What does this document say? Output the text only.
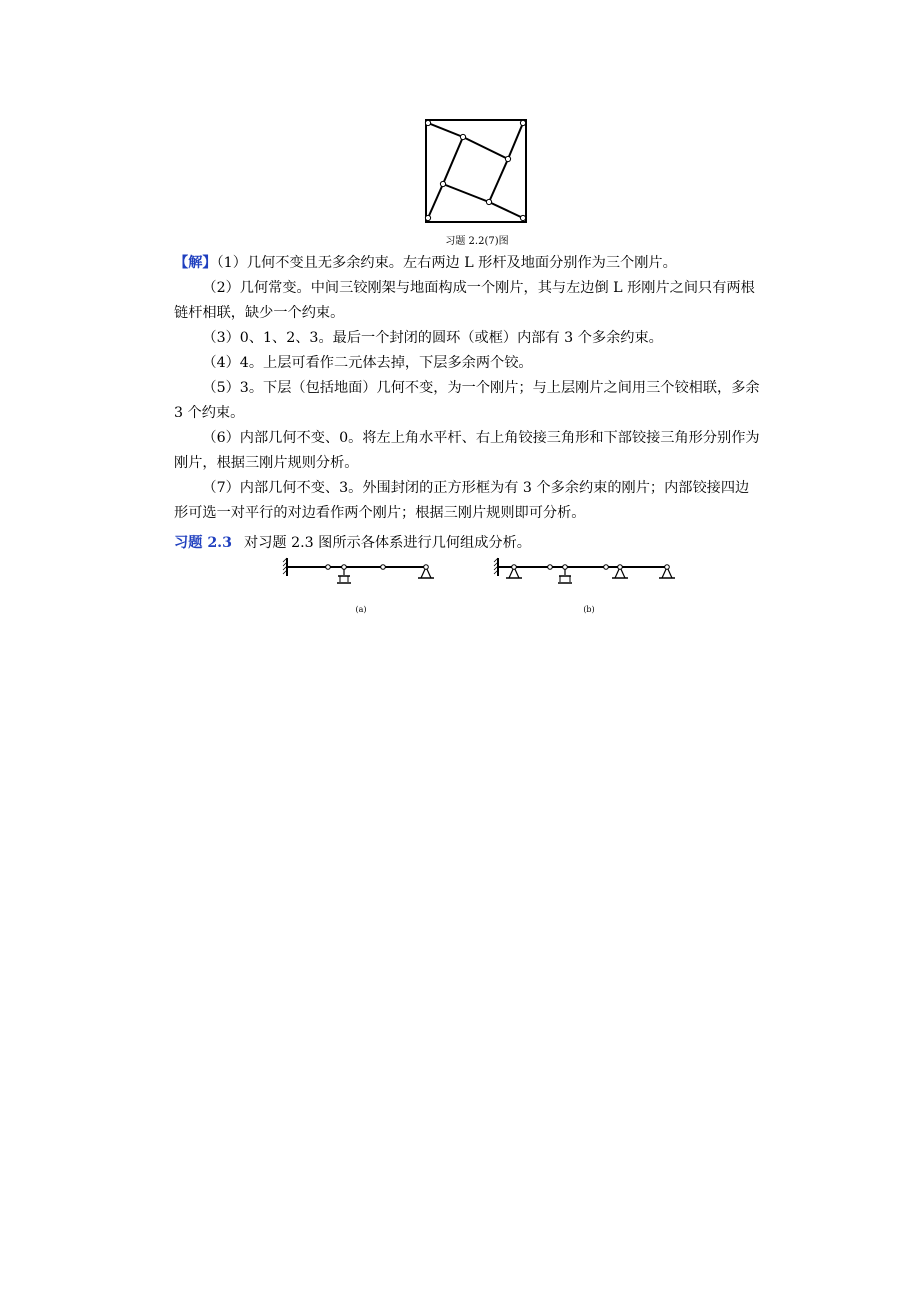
习题 2.2(7)图

【解】（1）几何不变且无多余约束。左右两边 L 形杆及地面分别作为三个刚片。

（2）几何常变。中间三铰刚架与地面构成一个刚片，其与左边倒 L 形刚片之间只有两根链杆相联，缺少一个约束。

（3）0、1、2、3。最后一个封闭的圆环（或框）内部有 3 个多余约束。

（4）4。上层可看作二元体去掉，下层多余两个铰。

（5）3。下层（包括地面）几何不变，为一个刚片；与上层刚片之间用三个铰相联，多余 3 个约束。

（6）内部几何不变、0。将左上角水平杆、右上角铰接三角形和下部铰接三角形分别作为刚片，根据三刚片规则分析。

（7）内部几何不变、3。外围封闭的正方形框为有 3 个多余约束的刚片；内部铰接四边形可选一对平行的对边看作两个刚片；根据三刚片规则即可分析。

习题 2.3 对习题 2.3 图所示各体系进行几何组成分析。

(a)	(b)
